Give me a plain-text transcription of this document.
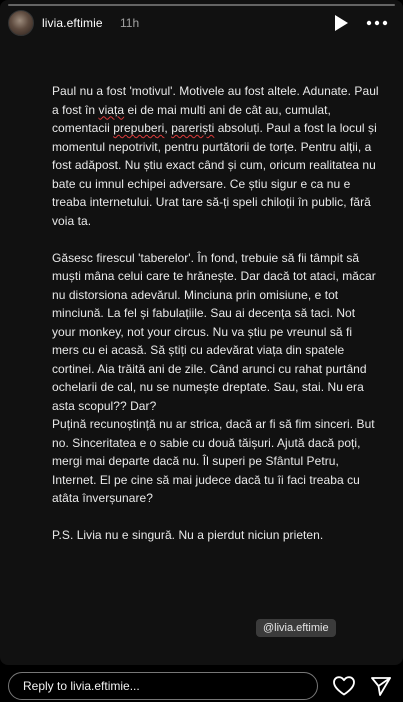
livia.eftimie 11h

Paul nu a fost 'motivul'. Motivele au fost altele. Adunate. Paul a fost în viața ei de mai multi ani de cât au, cumulat, comentacii prepuberi, pareriști absoluți. Paul a fost la locul și momentul nepotrivit, pentru purtătorii de torțe. Pentru alții, a fost adăpost. Nu știu exact când și cum, oricum realitatea nu bate cu imnul echipei adversare. Ce știu sigur e ca nu e treaba internetului. Urat tare să-ți speli chiloții în public, fără voia ta.

Găsesc firescul 'taberelor'. În fond, trebuie să fii tâmpit să muști mâna celui care te hrănește. Dar dacă tot ataci, măcar nu distorsiona adevărul. Minciuna prin omisiune, e tot minciună. La fel și fabulațiile. Sau ai decența să taci. Not your monkey, not your circus. Nu va știu pe vreunul să fi mers cu ei acasă. Să știți cu adevărat viața din spatele cortinei. Aia trăită ani de zile. Când arunci cu rahat purtând ochelarii de cal, nu se numește dreptate. Sau, stai. Nu era asta scopul?? Dar?
Puțină recunoștință nu ar strica, dacă ar fi să fim sinceri. But no. Sinceritatea e o sabie cu două tăișuri. Ajută dacă poți, mergi mai departe dacă nu. Îl superi pe Sfântul Petru, Internet. El pe cine să mai judece dacă tu îi faci treaba cu atâta înverșunare?

P.S. Livia nu e singură. Nu a pierdut niciun prieten.

@livia.eftimie
Reply to livia.eftimie...
